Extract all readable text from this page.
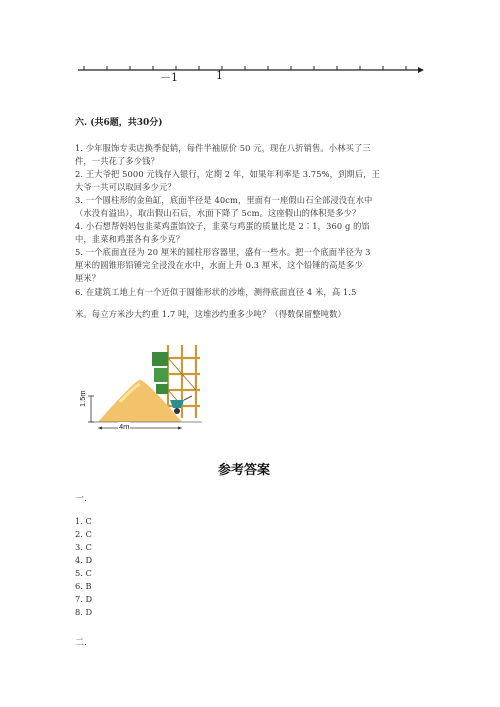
－1	1
六. (共6题，共30分)
1. 少年服饰专卖店换季促销，每件半袖原价 50 元，现在八折销售。小林买了三
件，一共花了多少钱？
2. 王大爷把 5000 元钱存入银行，定期 2 年，如果年利率是 3.75%，到期后，王
大爷一共可以取回多少元？
3. 一个圆柱形的金鱼缸，底面半径是 40cm，里面有一座假山石全部浸没在水中
（水没有溢出），取出假山石后，水面下降了 5cm。这座假山的体积是多少？
4. 小石想帮妈妈包韭菜鸡蛋馅饺子，韭菜与鸡蛋的质量比是 2∶1，360 g 的馅
中，韭菜和鸡蛋各有多少克？
5. 一个底面直径为 20 厘米的圆柱形容器里，盛有一些水。把一个底面半径为 3
厘米的圆锥形铅锤完全浸没在水中，水面上升 0.3 厘米，这个铅锤的高是多少
厘米？
6. 在建筑工地上有一个近似于圆锥形状的沙堆，测得底面直径 4 米，高 1.5
米。每立方米沙大约重 1.7 吨，这堆沙约重多少吨？（得数保留整吨数）
1.5m
4m
参考答案
一.
1. C
2. C
3. C
4. D
5. C
6. B
7. D
8. D
二.
